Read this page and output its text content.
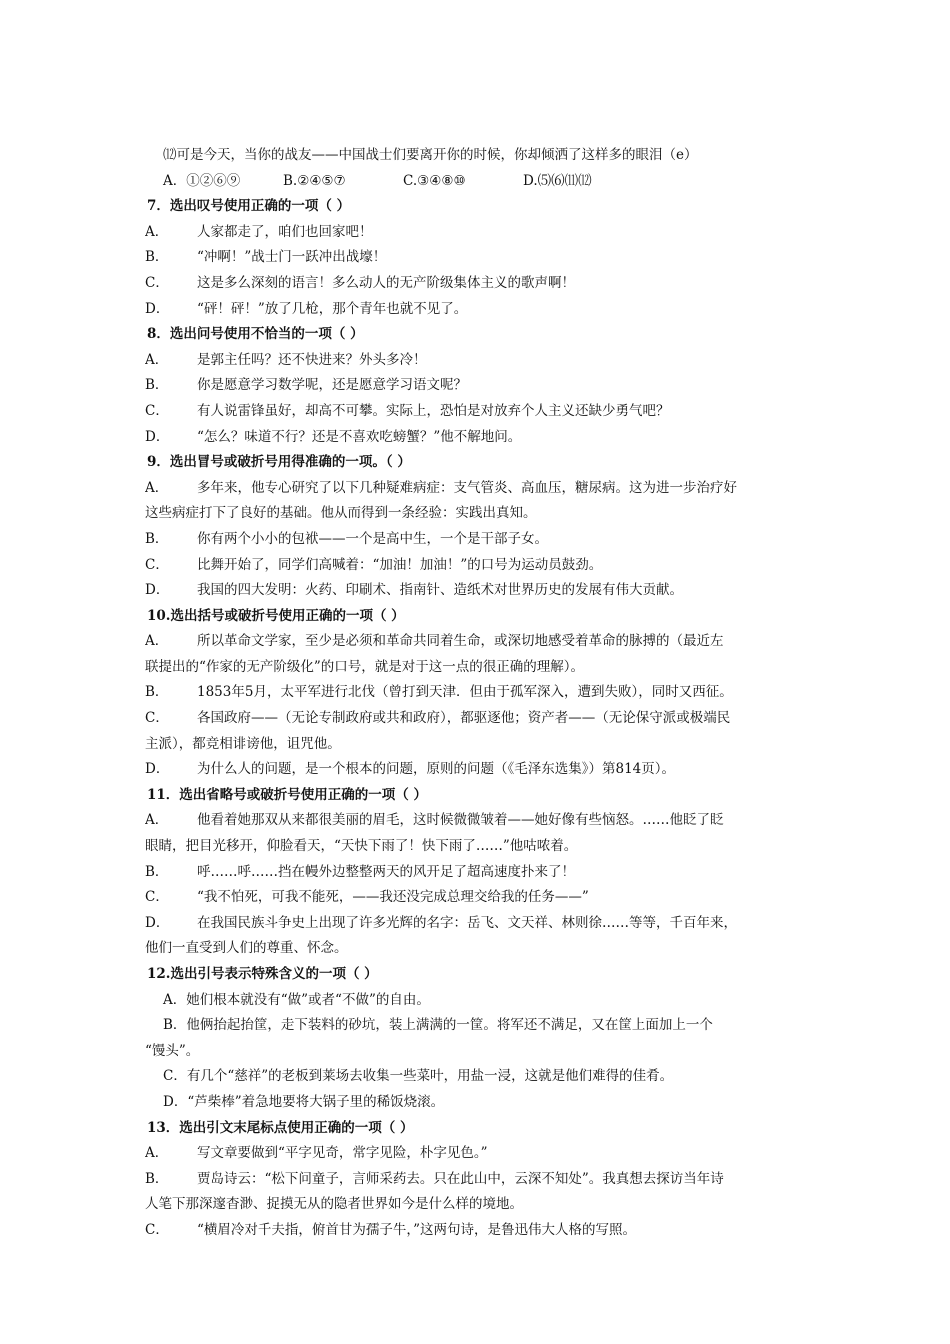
⑿可是今天，当你的战友——中国战士们要离开你的时候，你却倾洒了这样多的眼泪（e）
A．①②⑥⑨	B.②④⑤⑦	C.③④⑧⑩	D.⑸⑹⑾⑿
7．选出叹号使用正确的一项（ ）
A． 人家都走了，咱们也回家吧！
B． “冲啊！”战士门一跃冲出战壕！
C． 这是多么深刻的语言！多么动人的无产阶级集体主义的歌声啊！
D． “砰！砰！”放了几枪，那个青年也就不见了。
8．选出问号使用不恰当的一项（ ）
A． 是郭主任吗？还不快进来？外头多冷！
B． 你是愿意学习数学呢，还是愿意学习语文呢？
C． 有人说雷锋虽好，却高不可攀。实际上，恐怕是对放弃个人主义还缺少勇气吧？
D． “怎么？味道不行？还是不喜欢吃螃蟹？”他不解地问。
9．选出冒号或破折号用得准确的一项。（ ）
A． 多年来，他专心研究了以下几种疑难病症：支气管炎、高血压，糖尿病。这为进一步治疗好
这些病症打下了良好的基础。他从而得到一条经验：实践出真知。
B． 你有两个小小的包袱——一个是高中生，一个是干部子女。
C． 比舞开始了，同学们高喊着：“加油！加油！”的口号为运动员鼓劲。
D． 我国的四大发明：火药、印刷术、指南针、造纸术对世界历史的发展有伟大贡献。
10.选出括号或破折号使用正确的一项（ ）
A． 所以革命文学家，至少是必须和革命共同着生命，或深切地感受着革命的脉搏的（最近左
联提出的“作家的无产阶级化”的口号，就是对于这一点的很正确的理解）。
B． 1853年5月，太平军进行北伐（曾打到天津．但由于孤军深入，遭到失败），同时又西征。
C． 各国政府——（无论专制政府或共和政府），都驱逐他；资产者——（无论保守派或极端民
主派），都竞相诽谤他，诅咒他。
D． 为什么人的问题，是一个根本的问题，原则的问题（《毛泽东选集》）第814页）。
11．选出省略号或破折号使用正确的一项（ ）
A． 他看着她那双从来都很美丽的眉毛，这时候微微皱着——她好像有些恼怒。……他眨了眨
眼睛，把目光移开，仰脸看天，“天快下雨了！快下雨了……”他咕哝着。
B． 呼……呼……挡在幔外边整整两天的风开足了超高速度扑来了！
C． “我不怕死，可我不能死，——我还没完成总理交给我的任务——”
D． 在我国民族斗争史上出现了许多光辉的名字：岳飞、文天祥、林则徐……等等，千百年来，
他们一直受到人们的尊重、怀念。
12.选出引号表示特殊含义的一项（ ）
A．她们根本就没有“做”或者“不做”的自由。
B．他俩抬起抬筐，走下装料的砂坑，装上满满的一筐。将军还不满足，又在筐上面加上一个
“馒头”。
C．有几个“慈祥”的老板到莱场去收集一些菜叶，用盐一浸，这就是他们难得的佳肴。
D．“芦柴棒”着急地要将大锅子里的稀饭烧滚。
13．选出引文末尾标点使用正确的一项（ ）
A． 写文章要做到“平字见奇，常字见险，朴字见色。”
B． 贾岛诗云：“松下问童子，言师采药去。只在此山中，云深不知处”。我真想去探访当年诗
人笔下那深邃杳渺、捉摸无从的隐者世界如今是什么样的境地。
C． “横眉冷对千夫指，俯首甘为孺子牛，”这两句诗，是鲁迅伟大人格的写照。
